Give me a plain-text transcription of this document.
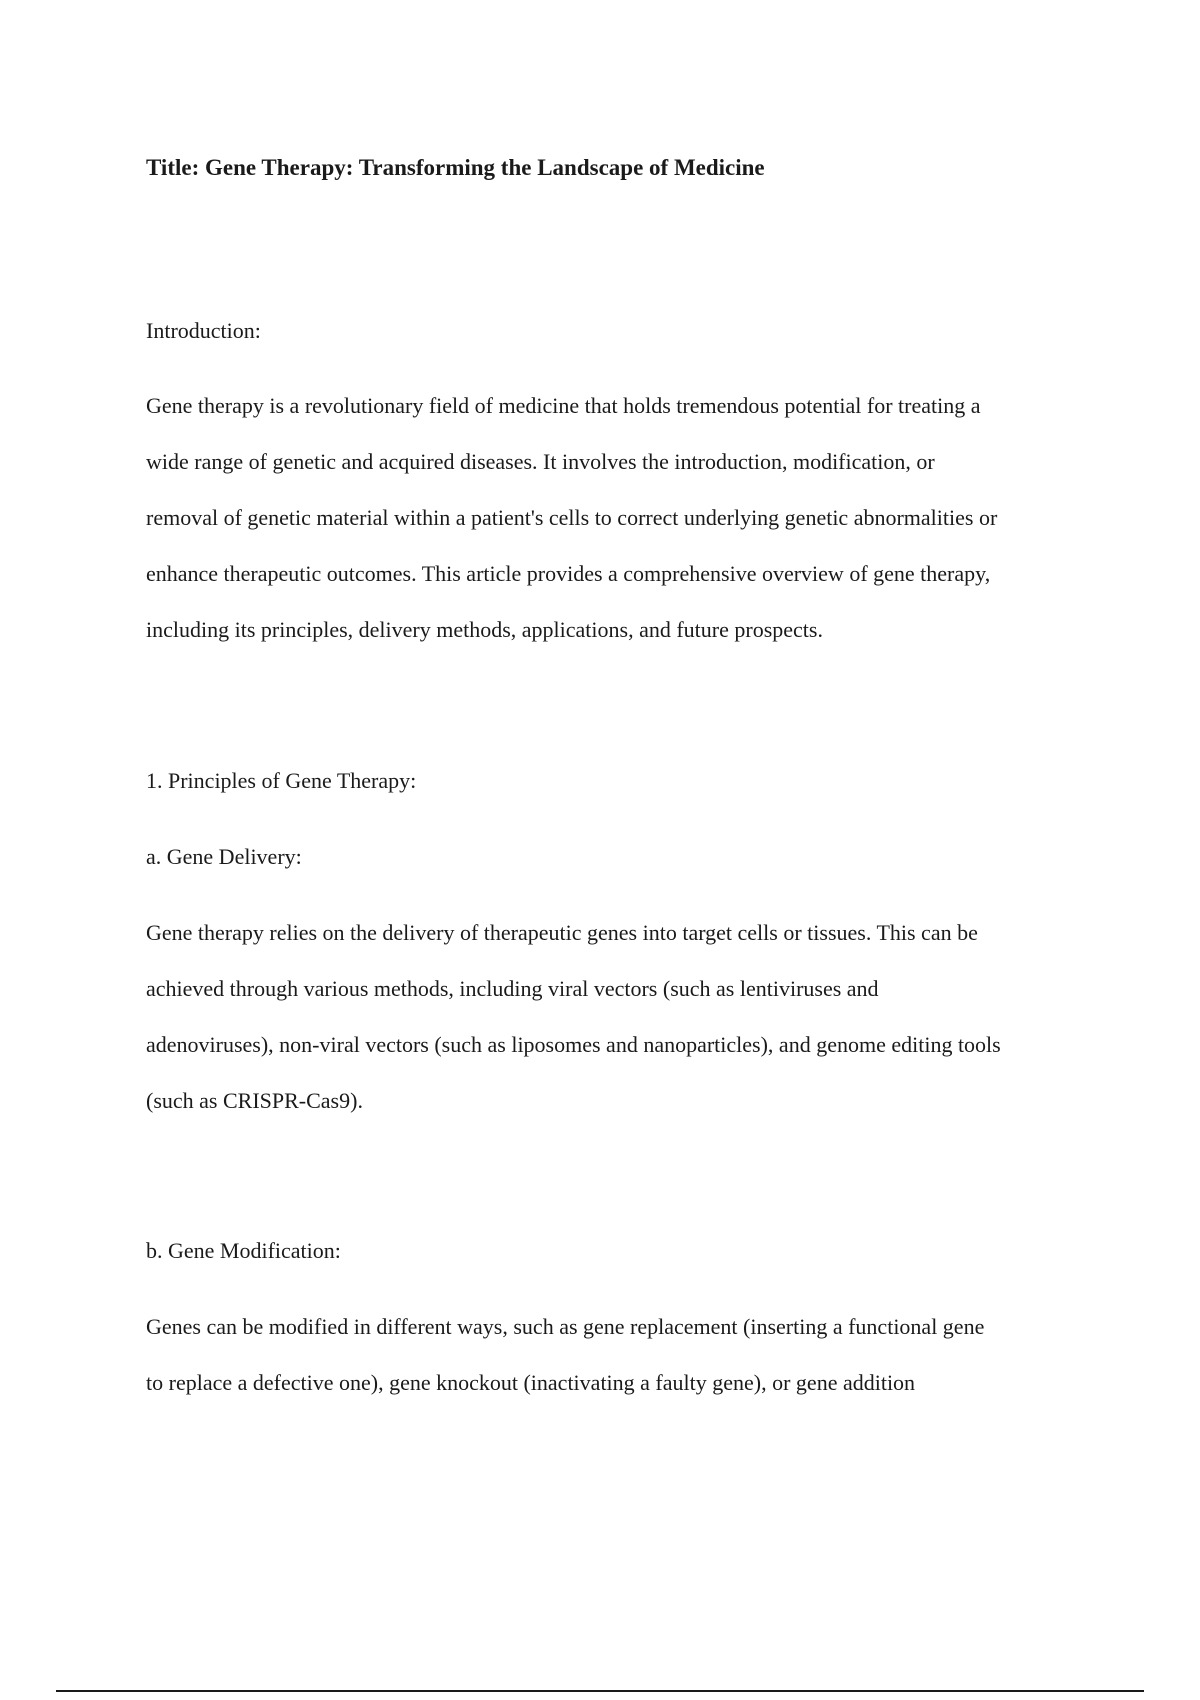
Title: Gene Therapy: Transforming the Landscape of Medicine
Introduction:
Gene therapy is a revolutionary field of medicine that holds tremendous potential for treating a
wide range of genetic and acquired diseases. It involves the introduction, modification, or
removal of genetic material within a patient's cells to correct underlying genetic abnormalities or
enhance therapeutic outcomes. This article provides a comprehensive overview of gene therapy,
including its principles, delivery methods, applications, and future prospects.
1. Principles of Gene Therapy:
a. Gene Delivery:
Gene therapy relies on the delivery of therapeutic genes into target cells or tissues. This can be
achieved through various methods, including viral vectors (such as lentiviruses and
adenoviruses), non-viral vectors (such as liposomes and nanoparticles), and genome editing tools
(such as CRISPR-Cas9).
b. Gene Modification:
Genes can be modified in different ways, such as gene replacement (inserting a functional gene
to replace a defective one), gene knockout (inactivating a faulty gene), or gene addition
